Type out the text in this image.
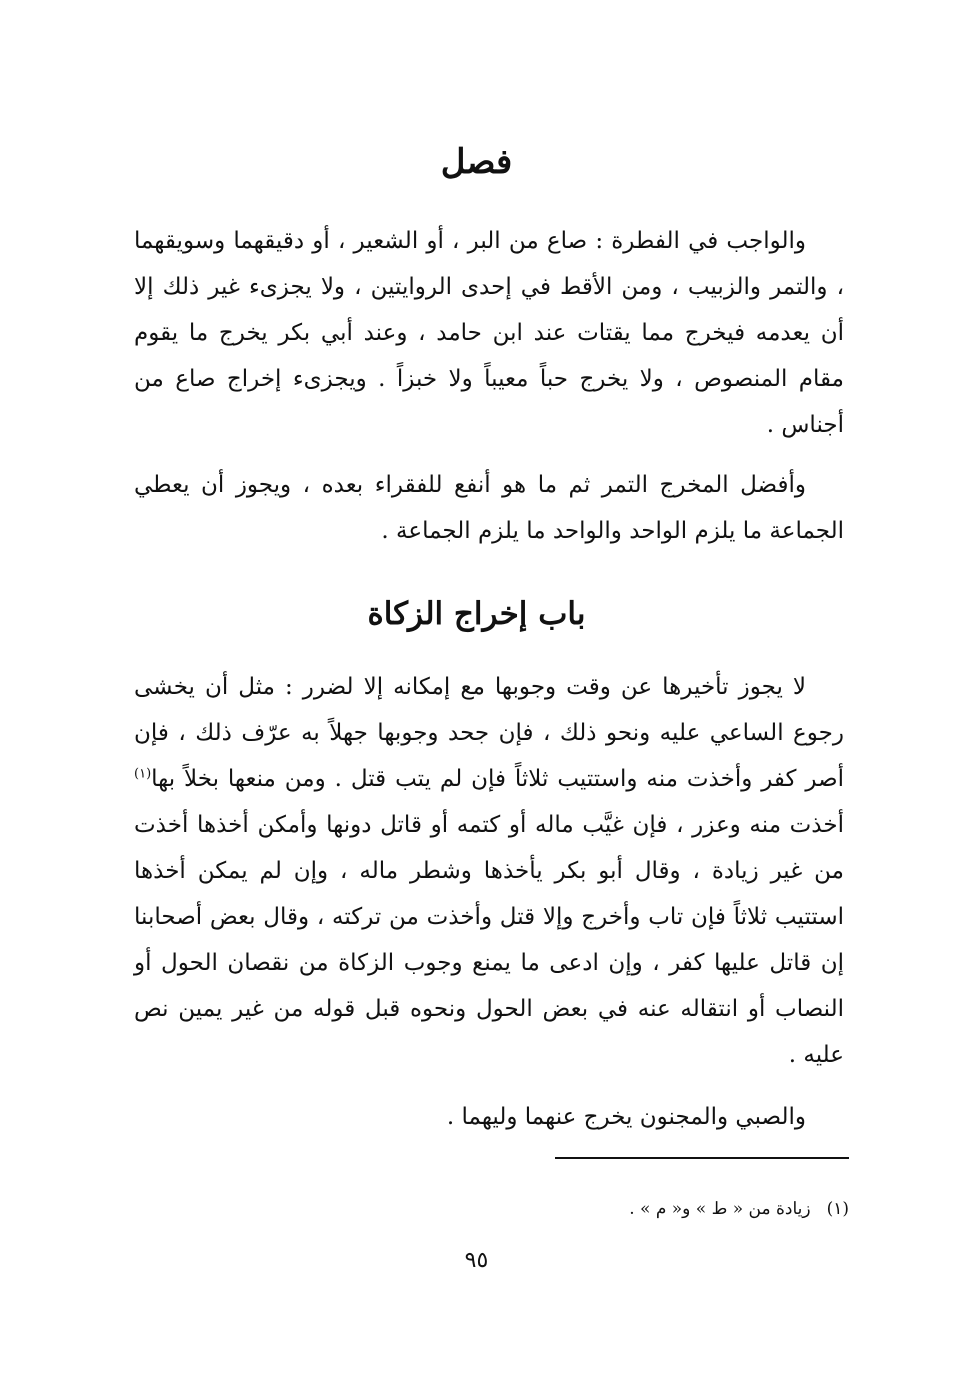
فصل

والواجب في الفطرة : صاع من البر ، أو الشعير ، أو دقيقهما وسويقهما ، والتمر والزبيب ، ومن الأقط في إحدى الروايتين ، ولا يجزىء غير ذلك إلا أن يعدمه فيخرج مما يقتات عند ابن حامد ، وعند أبي بكر يخرج ما يقوم مقام المنصوص ، ولا يخرج حباً معيباً ولا خبزاً . ويجزىء إخراج صاع من أجناس .

وأفضل المخرج التمر ثم ما هو أنفع للفقراء بعده ، ويجوز أن يعطي الجماعة ما يلزم الواحد والواحد ما يلزم الجماعة .

باب إخراج الزكاة

لا يجوز تأخيرها عن وقت وجوبها مع إمكانه إلا لضرر : مثل أن يخشى رجوع الساعي عليه ونحو ذلك ، فإن جحد وجوبها جهلاً به عرّف ذلك ، فإن أصر كفر وأخذت منه واستتيب ثلاثاً فإن لم يتب قتل . ومن منعها بخلاً بها$^{(١)}$ أخذت منه وعزر ، فإن غيَّب ماله أو كتمه أو قاتل دونها وأمكن أخذها أخذت من غير زيادة ، وقال أبو بكر يأخذها وشطر ماله ، وإن لم يمكن أخذها استتيب ثلاثاً فإن تاب وأخرج وإلا قتل وأخذت من تركته ، وقال بعض أصحابنا إن قاتل عليها كفر ، وإن ادعى ما يمنع وجوب الزكاة من نقصان الحول أو النصاب أو انتقاله عنه في بعض الحول ونحوه قبل قوله من غير يمين نص عليه .

والصبي والمجنون يخرج عنهما وليهما .

(١)زيادة من « ط » و« م » .
٩٥
